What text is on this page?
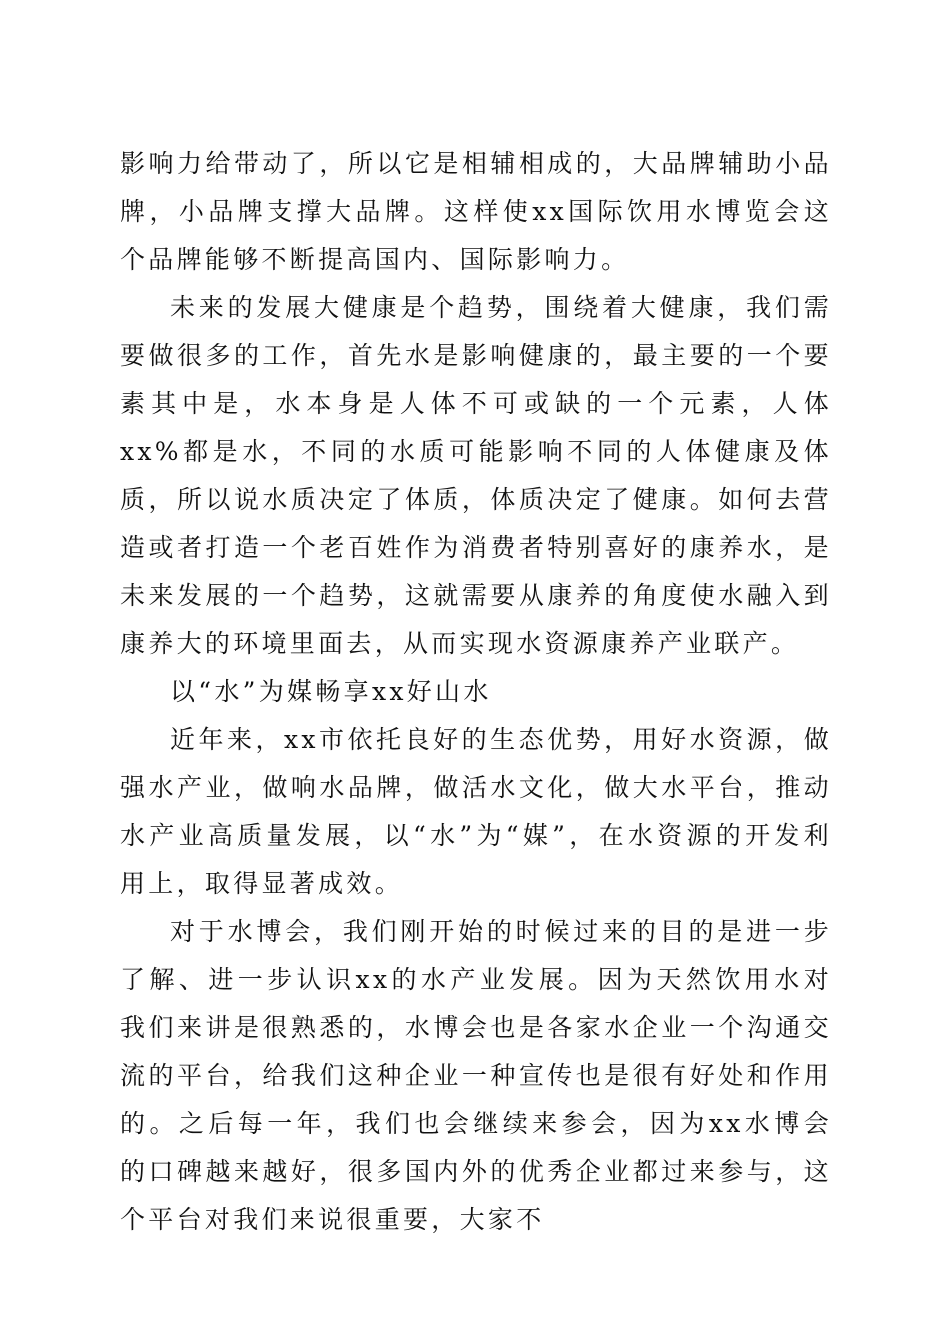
影响力给带动了，所以它是相辅相成的，大品牌辅助小品牌，小品牌支撑大品牌。这样使xx国际饮用水博览会这个品牌能够不断提高国内、国际影响力。

未来的发展大健康是个趋势，围绕着大健康，我们需要做很多的工作，首先水是影响健康的，最主要的一个要素其中是，水本身是人体不可或缺的一个元素，人体xx%都是水，不同的水质可能影响不同的人体健康及体质，所以说水质决定了体质，体质决定了健康。如何去营造或者打造一个老百姓作为消费者特别喜好的康养水，是未来发展的一个趋势，这就需要从康养的角度使水融入到康养大的环境里面去，从而实现水资源康养产业联产。

以“水”为媒畅享xx好山水

近年来，xx市依托良好的生态优势，用好水资源，做强水产业，做响水品牌，做活水文化，做大水平台，推动水产业高质量发展，以“水”为“媒”，在水资源的开发利用上，取得显著成效。

对于水博会，我们刚开始的时候过来的目的是进一步了解、进一步认识xx的水产业发展。因为天然饮用水对我们来讲是很熟悉的，水博会也是各家水企业一个沟通交流的平台，给我们这种企业一种宣传也是很有好处和作用的。之后每一年，我们也会继续来参会，因为xx水博会的口碑越来越好，很多国内外的优秀企业都过来参与，这个平台对我们来说很重要，大家不
